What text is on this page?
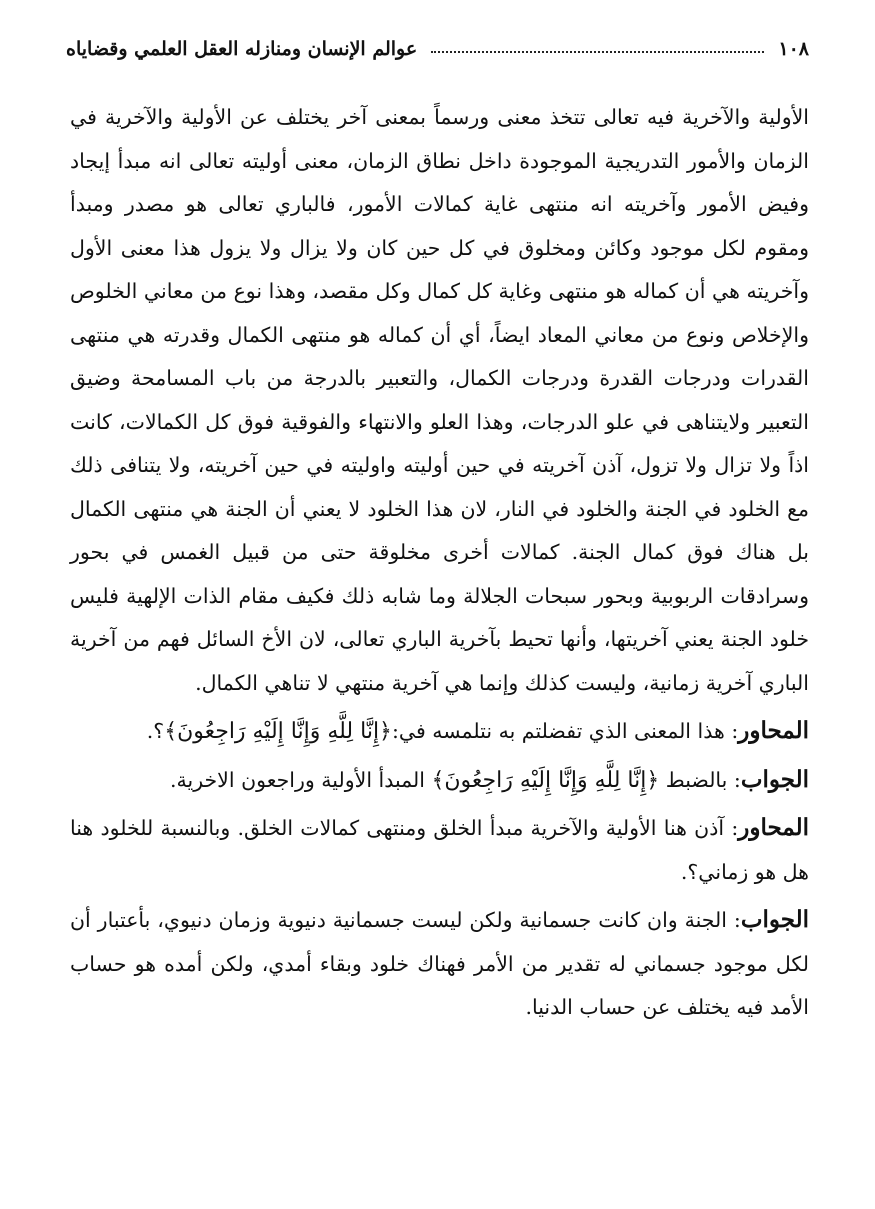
١٠٨
عوالم الإنسان ومنازله العقل العلمي وقضاياه

الأولية والآخرية فيه تعالى تتخذ معنى ورسماً بمعنى آخر يختلف عن الأولية والآخرية في الزمان والأمور التدريجية الموجودة داخل نطاق الزمان، معنى أوليته تعالى انه مبدأ إيجاد وفيض الأمور وآخريته انه منتهى غاية كمالات الأمور، فالباري تعالى هو مصدر ومبدأ ومقوم لكل موجود وكائن ومخلوق في كل حين كان ولا يزال ولا يزول هذا معنى الأول وآخريته هي أن كماله هو منتهى وغاية كل كمال وكل مقصد، وهذا نوع من معاني الخلوص والإخلاص ونوع من معاني المعاد ايضاً، أي أن كماله هو منتهى الكمال وقدرته هي منتهى القدرات ودرجات القدرة ودرجات الكمال، والتعبير بالدرجة من باب المسامحة وضيق التعبير ولايتناهى في علو الدرجات، وهذا العلو والانتهاء والفوقية فوق كل الكمالات، كانت اذاً ولا تزال ولا تزول، آذن آخريته في حين أوليته واوليته في حين آخريته، ولا يتنافى ذلك مع الخلود في الجنة والخلود في النار، لان هذا الخلود لا يعني أن الجنة هي منتهى الكمال بل هناك فوق كمال الجنة. كمالات أخرى مخلوقة حتى من قبيل الغمس في بحور وسرادقات الربوبية وبحور سبحات الجلالة وما شابه ذلك فكيف مقام الذات الإلهية فليس خلود الجنة يعني آخريتها، وأنها تحيط بآخرية الباري تعالى، لان الأخ السائل فهم من آخرية الباري آخرية زمانية، وليست كذلك وإنما هي آخرية منتهي لا تناهي الكمال.

المحاور: هذا المعنى الذي تفضلتم به نتلمسه في:﴿إِنَّا لِلَّهِ وَإِنَّا إِلَيْهِ رَاجِعُونَ﴾؟.

الجواب: بالضبط ﴿إِنَّا لِلَّهِ وَإِنَّا إِلَيْهِ رَاجِعُونَ﴾ المبدأ الأولية وراجعون الاخرية.

المحاور: آذن هنا الأولية والآخرية مبدأ الخلق ومنتهى كمالات الخلق. وبالنسبة للخلود هنا هل هو زماني؟.

الجواب: الجنة وان كانت جسمانية ولكن ليست جسمانية دنيوية وزمان دنيوي، بأعتبار أن لكل موجود جسماني له تقدير من الأمر فهناك خلود وبقاء أمدي، ولكن أمده هو حساب الأمد فيه يختلف عن حساب الدنيا.
